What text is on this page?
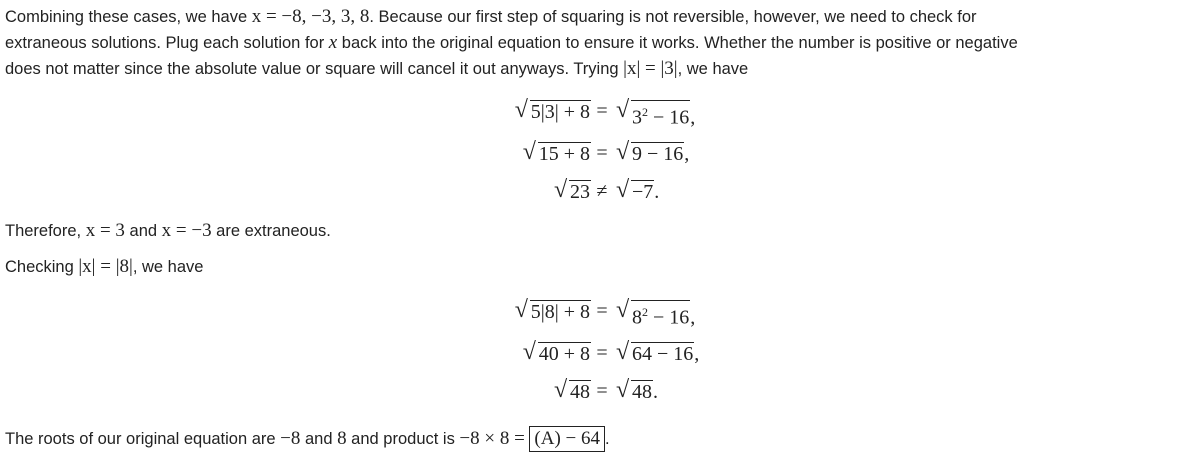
Combining these cases, we have x = −8, −3, 3, 8. Because our first step of squaring is not reversible, however, we need to check for
extraneous solutions. Plug each solution for x back into the original equation to ensure it works. Whether the number is positive or negative
does not matter since the absolute value or square will cancel it out anyways. Trying |x| = |3|, we have
√ 5|3| + 8 =	√ $3^2 - 16$,
√ 15 + 8 =	√ 9 − 16,
√ 23 ≠	√ −7.
Therefore, x = 3 and x = −3 are extraneous.
Checking |x| = |8|, we have
√ 5|8| + 8 =	√ $8^2 - 16$,
√ 40 + 8 =	√ 64 − 16,
√ 48 =	√ 48.
The roots of our original equation are −8 and 8 and product is −8 × 8 = (A) − 64 .
